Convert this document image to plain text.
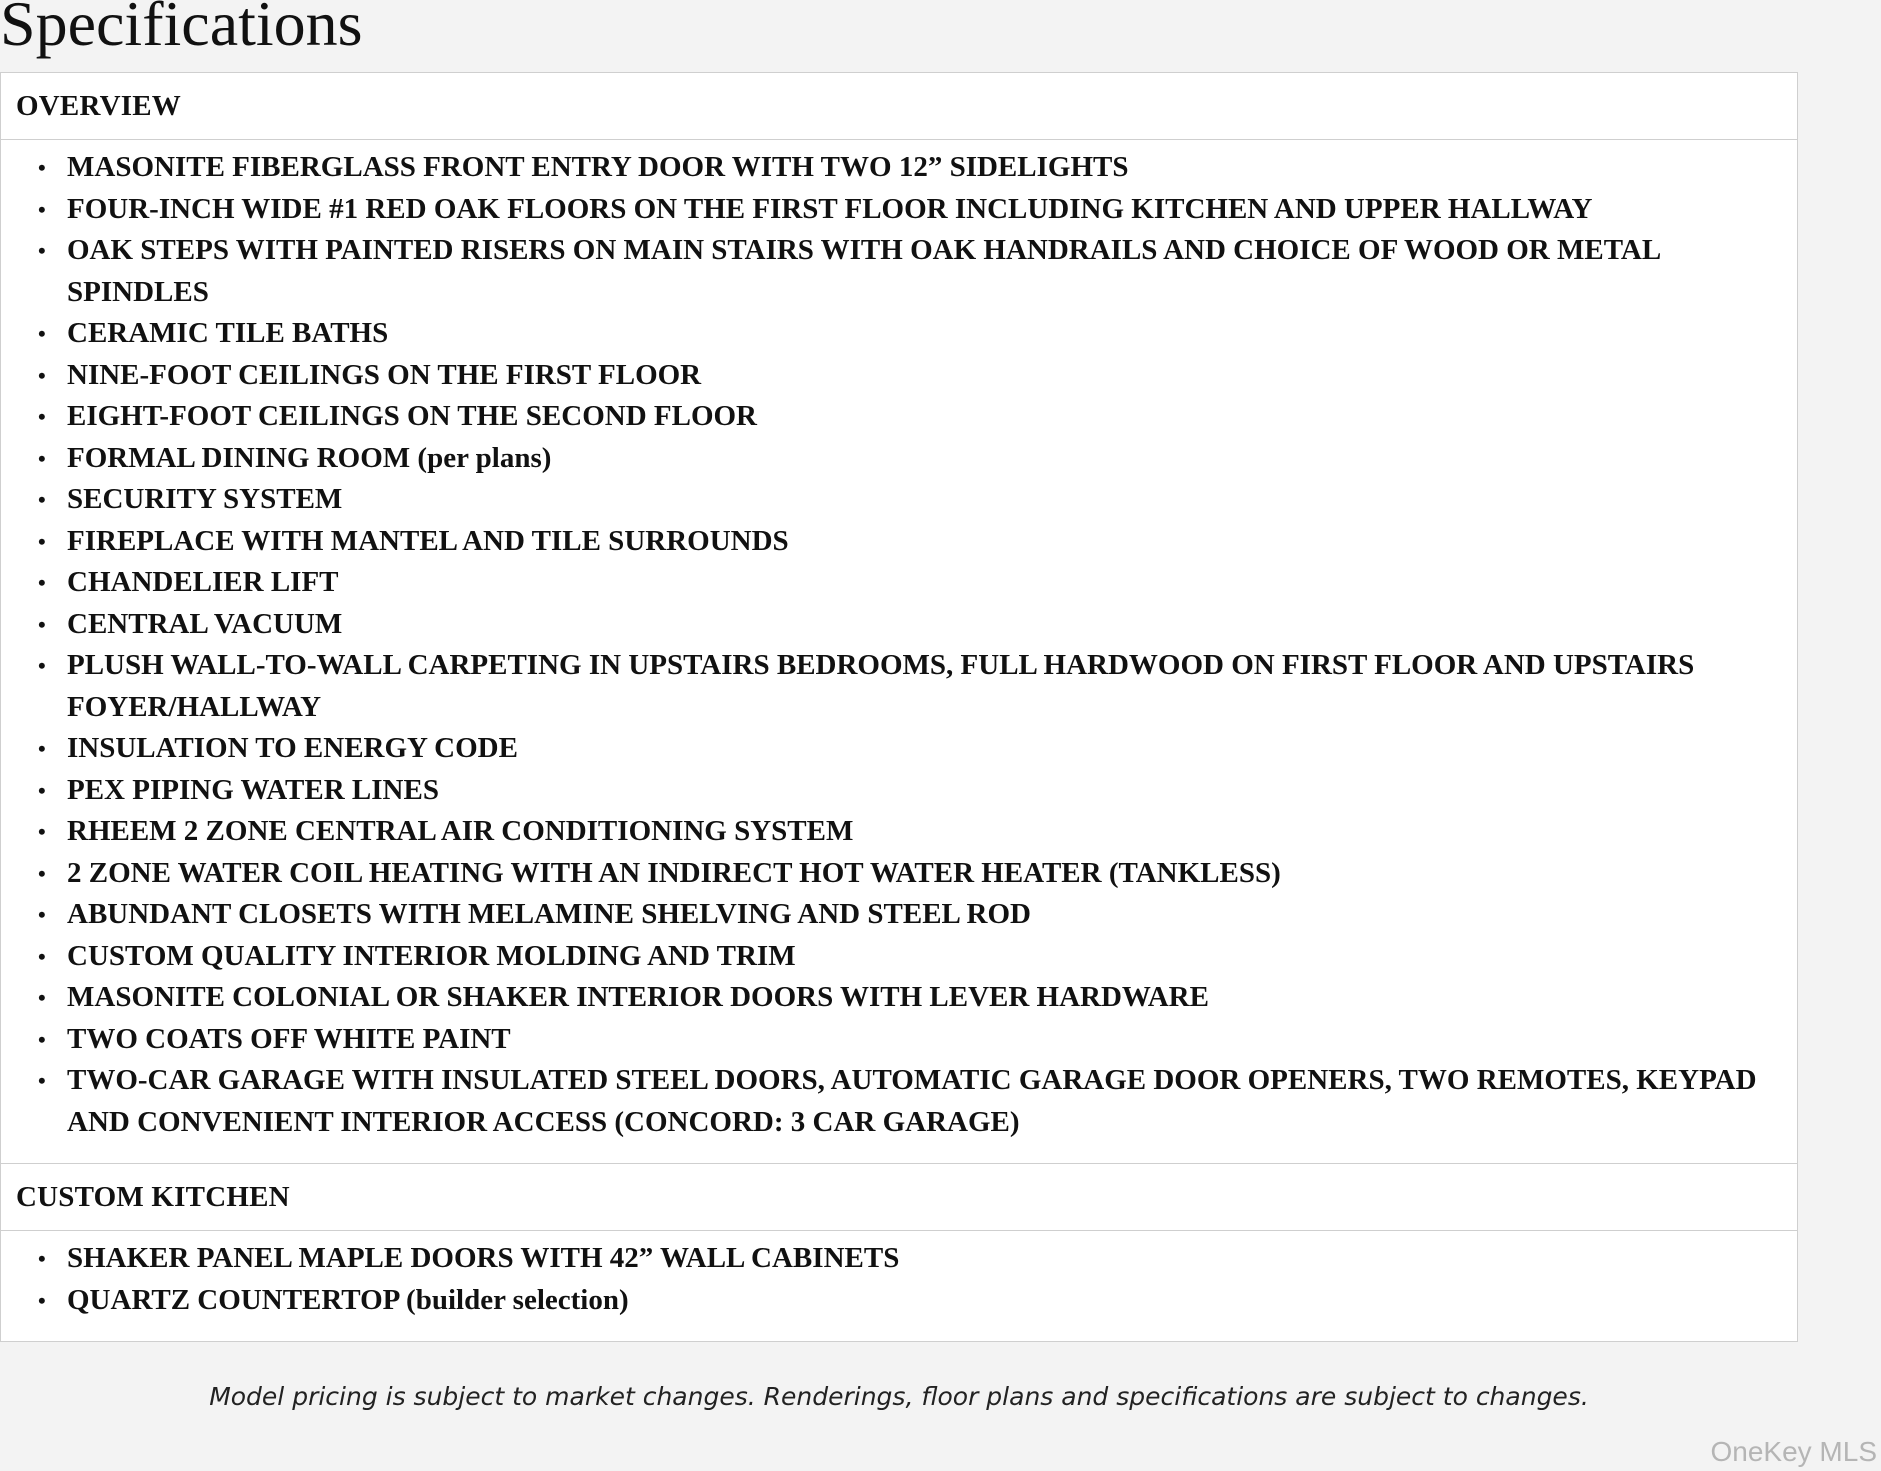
Specifications
OVERVIEW
• MASONITE FIBERGLASS FRONT ENTRY DOOR WITH TWO 12” SIDELIGHTS
• FOUR-INCH WIDE #1 RED OAK FLOORS ON THE FIRST FLOOR INCLUDING KITCHEN AND UPPER HALLWAY
• OAK STEPS WITH PAINTED RISERS ON MAIN STAIRS WITH OAK HANDRAILS AND CHOICE OF WOOD OR METAL SPINDLES
• CERAMIC TILE BATHS
• NINE-FOOT CEILINGS ON THE FIRST FLOOR
• EIGHT-FOOT CEILINGS ON THE SECOND FLOOR
• FORMAL DINING ROOM (per plans)
• SECURITY SYSTEM
• FIREPLACE WITH MANTEL AND TILE SURROUNDS
• CHANDELIER LIFT
• CENTRAL VACUUM
• PLUSH WALL-TO-WALL CARPETING IN UPSTAIRS BEDROOMS, FULL HARDWOOD ON FIRST FLOOR AND UPSTAIRS FOYER/HALLWAY
• INSULATION TO ENERGY CODE
• PEX PIPING WATER LINES
• RHEEM 2 ZONE CENTRAL AIR CONDITIONING SYSTEM
• 2 ZONE WATER COIL HEATING WITH AN INDIRECT HOT WATER HEATER (TANKLESS)
• ABUNDANT CLOSETS WITH MELAMINE SHELVING AND STEEL ROD
• CUSTOM QUALITY INTERIOR MOLDING AND TRIM
• MASONITE COLONIAL OR SHAKER INTERIOR DOORS WITH LEVER HARDWARE
• TWO COATS OFF WHITE PAINT
• TWO-CAR GARAGE WITH INSULATED STEEL DOORS, AUTOMATIC GARAGE DOOR OPENERS, TWO REMOTES, KEYPAD AND CONVENIENT INTERIOR ACCESS (CONCORD: 3 CAR GARAGE)
CUSTOM KITCHEN
• SHAKER PANEL MAPLE DOORS WITH 42” WALL CABINETS
• QUARTZ COUNTERTOP (builder selection)
Model pricing is subject to market changes. Renderings, floor plans and specifications are subject to changes.
OneKey MLS
